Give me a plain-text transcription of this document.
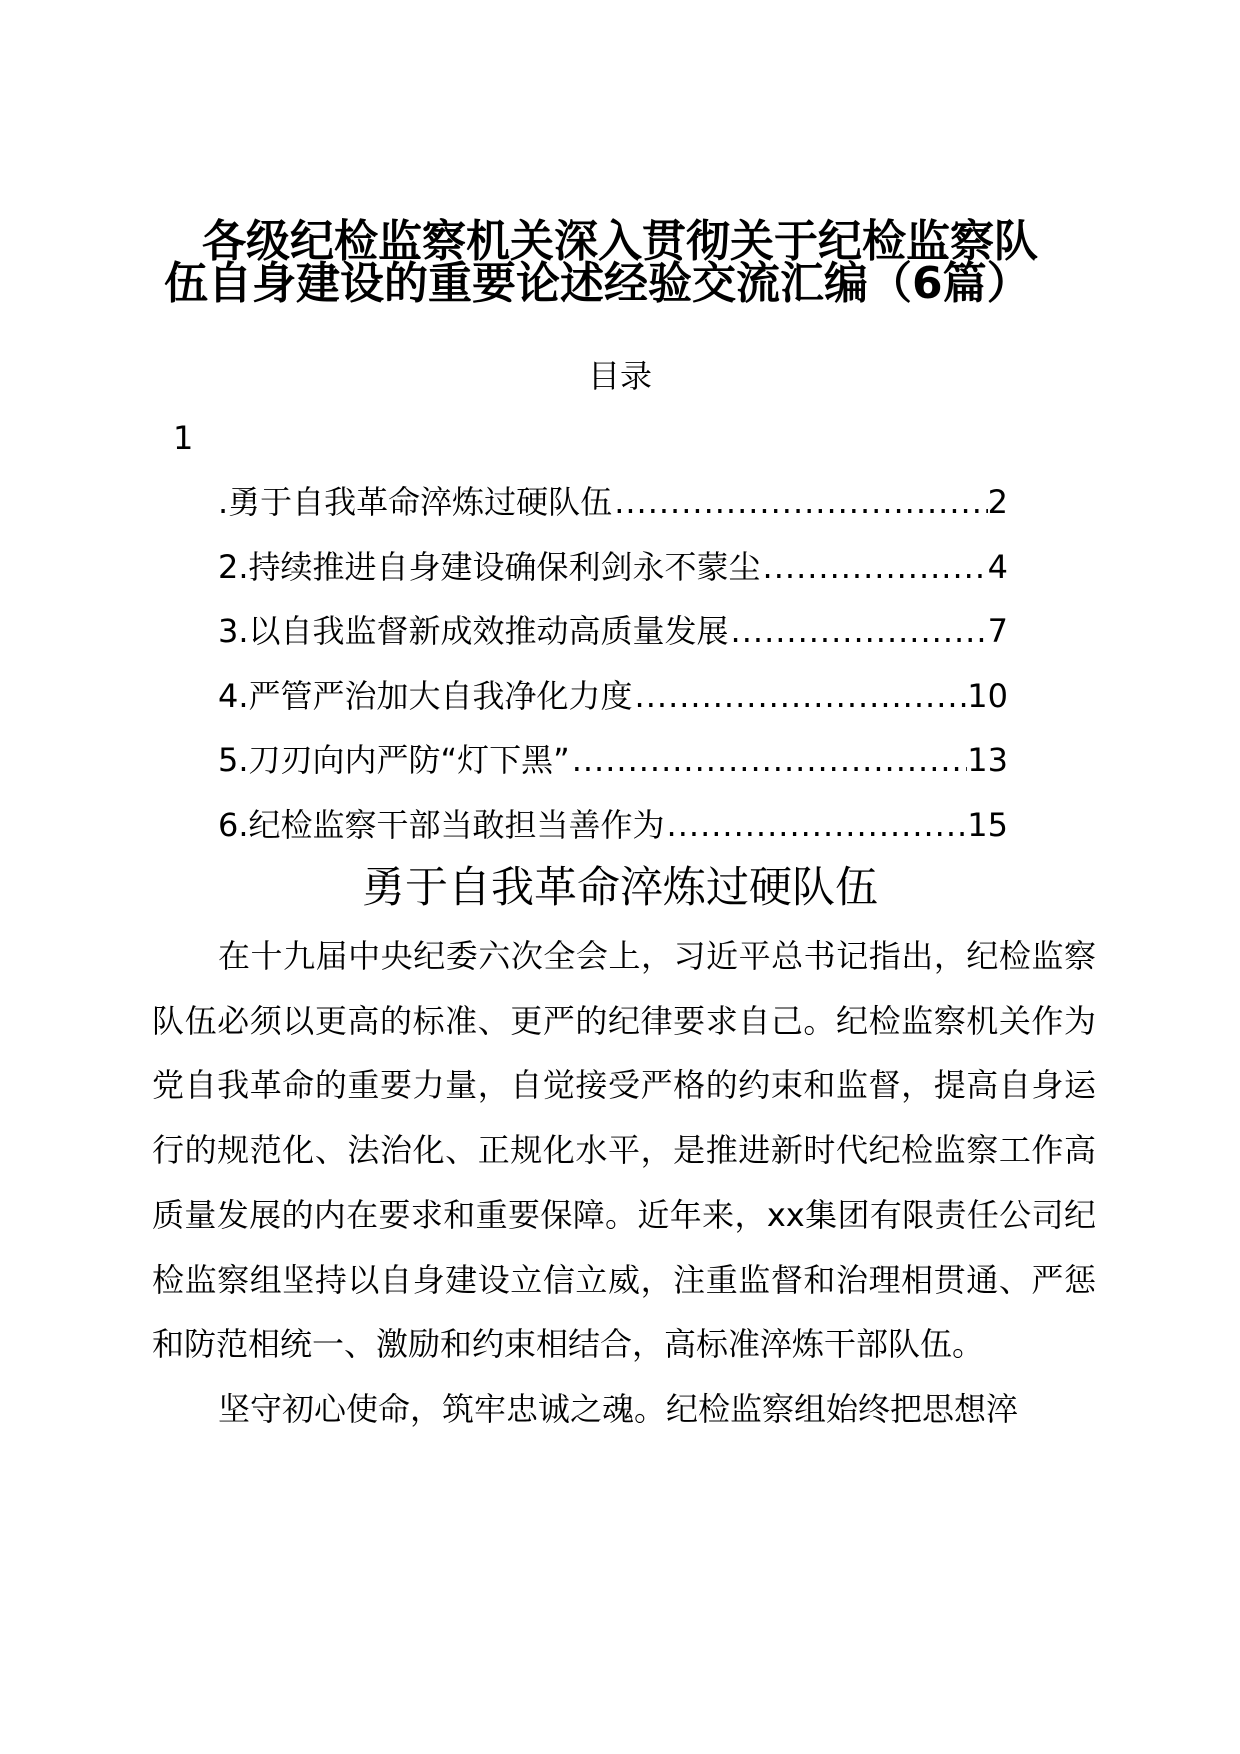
各级纪检监察机关深入贯彻关于纪检监察队
伍自身建设的重要论述经验交流汇编（6篇）
目录
1
.勇于自我革命淬炼过硬队伍 .....	2
2.持续推进自身建设确保利剑永不蒙尘 .....	4
3.以自我监督新成效推动高质量发展 .....	7
4.严管严治加大自我净化力度 .....	10
5.刀刃向内严防“灯下黑” .....	13
6.纪检监察干部当敢担当善作为 .....	15
勇于自我革命淬炼过硬队伍

在十九届中央纪委六次全会上，习近平总书记指出，纪检监察队伍必须以更高的标准、更严的纪律要求自己。纪检监察机关作为党自我革命的重要力量，自觉接受严格的约束和监督，提高自身运行的规范化、法治化、正规化水平，是推进新时代纪检监察工作高质量发展的内在要求和重要保障。近年来，xx集团有限责任公司纪检监察组坚持以自身建设立信立威，注重监督和治理相贯通、严惩和防范相统一、激励和约束相结合，高标准淬炼干部队伍。

坚守初心使命，筑牢忠诚之魂。纪检监察组始终把思想淬
